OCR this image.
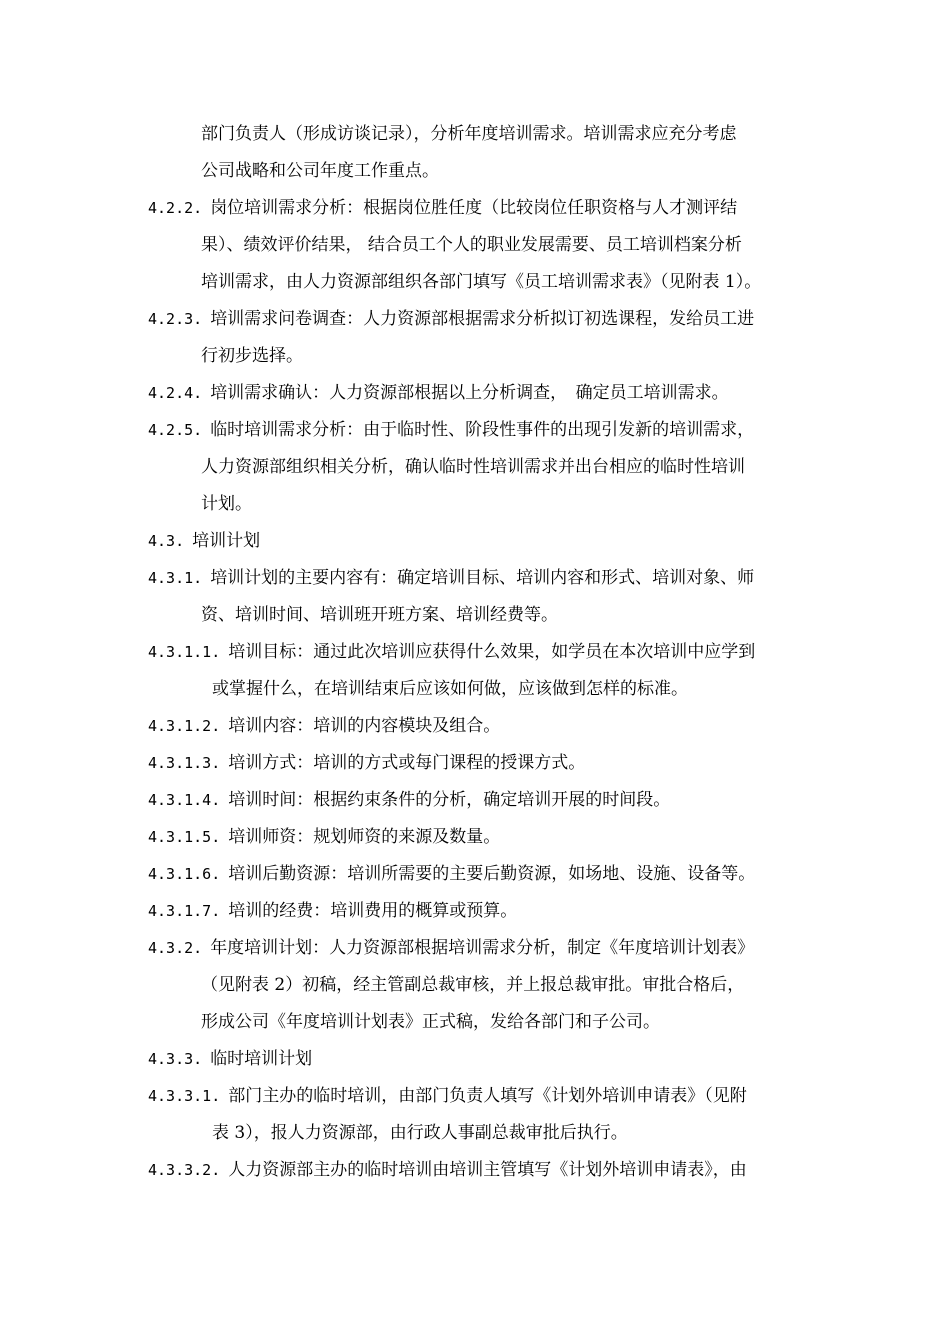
部门负责人（形成访谈记录），分析年度培训需求。培训需求应充分考虑
公司战略和公司年度工作重点。
4.2.2. 岗位培训需求分析：根据岗位胜任度（比较岗位任职资格与人才测评结
果）、绩效评价结果， 结合员工个人的职业发展需要、员工培训档案分析
培训需求，由人力资源部组织各部门填写《员工培训需求表》（见附表 1）。
4.2.3. 培训需求问卷调查：人力资源部根据需求分析拟订初选课程，发给员工进
行初步选择。
4.2.4. 培训需求确认：人力资源部根据以上分析调查，　确定员工培训需求。
4.2.5. 临时培训需求分析：由于临时性、阶段性事件的出现引发新的培训需求，
人力资源部组织相关分析，确认临时性培训需求并出台相应的临时性培训
计划。
4.3. 培训计划
4.3.1. 培训计划的主要内容有：确定培训目标、培训内容和形式、培训对象、师
资、培训时间、培训班开班方案、培训经费等。
4.3.1.1. 培训目标：通过此次培训应获得什么效果，如学员在本次培训中应学到
或掌握什么，在培训结束后应该如何做，应该做到怎样的标准。
4.3.1.2. 培训内容：培训的内容模块及组合。
4.3.1.3. 培训方式：培训的方式或每门课程的授课方式。
4.3.1.4. 培训时间：根据约束条件的分析，确定培训开展的时间段。
4.3.1.5. 培训师资：规划师资的来源及数量。
4.3.1.6. 培训后勤资源：培训所需要的主要后勤资源，如场地、设施、设备等。
4.3.1.7. 培训的经费：培训费用的概算或预算。
4.3.2. 年度培训计划：人力资源部根据培训需求分析，制定《年度培训计划表》
（见附表 2）初稿，经主管副总裁审核，并上报总裁审批。审批合格后，
形成公司《年度培训计划表》正式稿，发给各部门和子公司。
4.3.3. 临时培训计划
4.3.3.1. 部门主办的临时培训，由部门负责人填写《计划外培训申请表》（见附
表 3），报人力资源部，由行政人事副总裁审批后执行。
4.3.3.2. 人力资源部主办的临时培训由培训主管填写《计划外培训申请表》，由
